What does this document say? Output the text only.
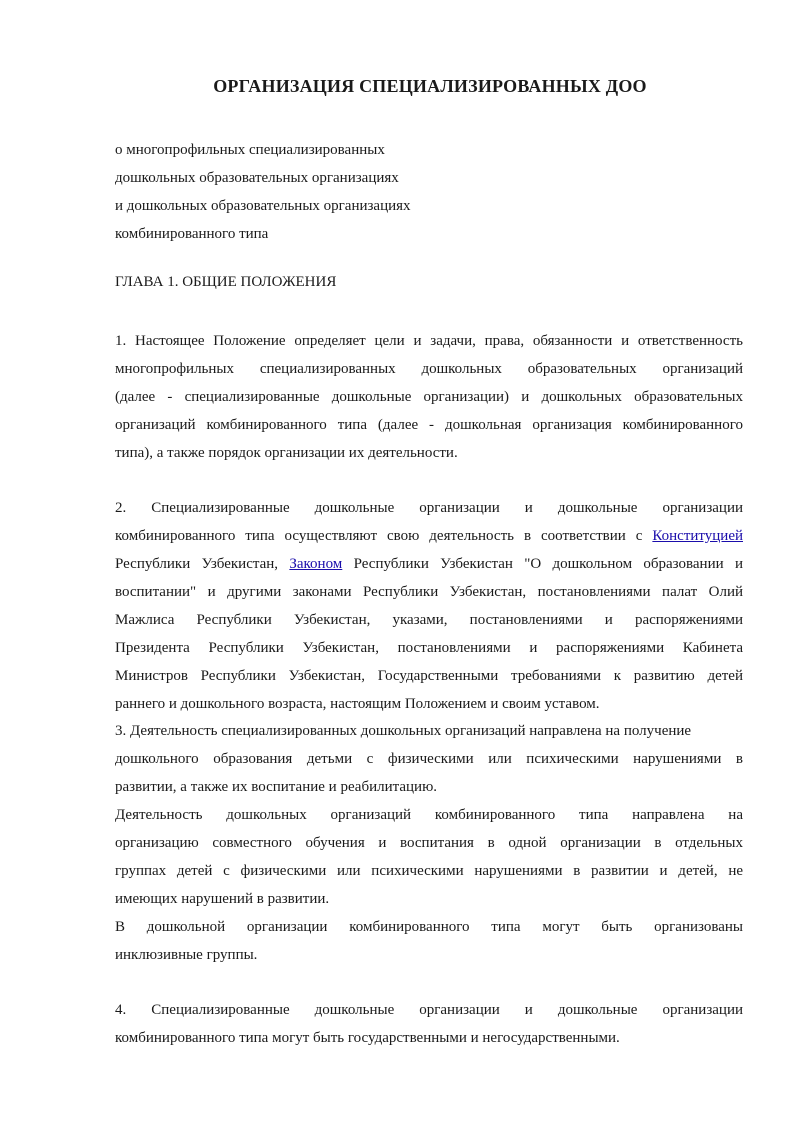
ОРГАНИЗАЦИЯ СПЕЦИАЛИЗИРОВАННЫХ ДОО
о многопрофильных специализированных
дошкольных образовательных организациях
и дошкольных образовательных организациях
комбинированного типа
ГЛАВА 1. ОБЩИЕ ПОЛОЖЕНИЯ
1. Настоящее Положение определяет цели и задачи, права, обязанности и ответственность
многопрофильных специализированных дошкольных образовательных организаций
(далее - специализированные дошкольные организации) и дошкольных образовательных
организаций комбинированного типа (далее - дошкольная организация комбинированного
типа), а также порядок организации их деятельности.
2. Специализированные дошкольные организации и дошкольные организации
комбинированного типа осуществляют свою деятельность в соответствии с Конституцией
Республики Узбекистан, Законом Республики Узбекистан "О дошкольном образовании и
воспитании" и другими законами Республики Узбекистан, постановлениями палат Олий
Мажлиса Республики Узбекистан, указами, постановлениями и распоряжениями
Президента Республики Узбекистан, постановлениями и распоряжениями Кабинета
Министров Республики Узбекистан, Государственными требованиями к развитию детей
раннего и дошкольного возраста, настоящим Положением и своим уставом.
3. Деятельность специализированных дошкольных организаций направлена на получение
дошкольного образования детьми с физическими или психическими нарушениями в
развитии, а также их воспитание и реабилитацию.
Деятельность дошкольных организаций комбинированного типа направлена на
организацию совместного обучения и воспитания в одной организации в отдельных
группах детей с физическими или психическими нарушениями в развитии и детей, не
имеющих нарушений в развитии.
В дошкольной организации комбинированного типа могут быть организованы
инклюзивные группы.
4. Специализированные дошкольные организации и дошкольные организации
комбинированного типа могут быть государственными и негосударственными.
